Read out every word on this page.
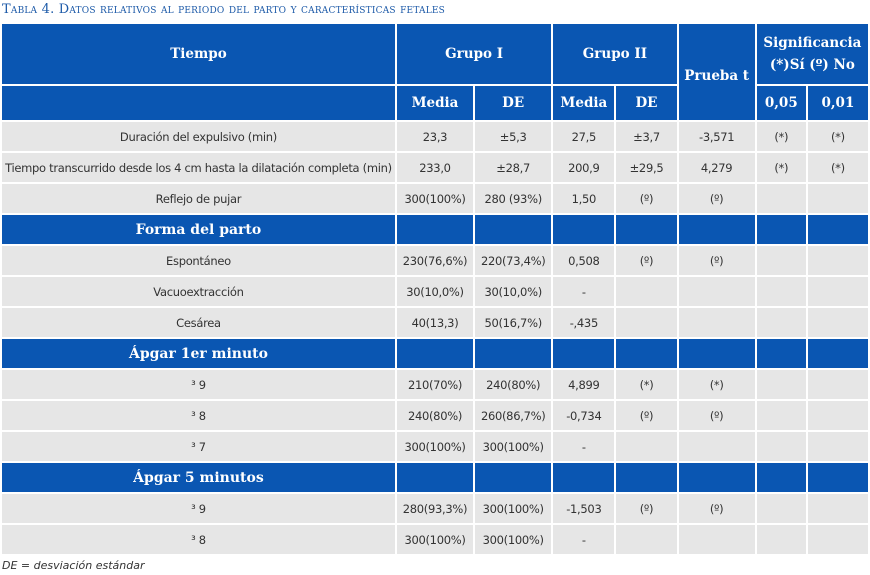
Tabla 4. Datos relativos al periodo del parto y características fetales
Tiempo	Grupo I		Grupo II		Prueba t	Significancia
(*)Sí (º) No	

	Media	DE	Media	DE		0,05	0,01
Duración del expulsivo (min)	23,3	±5,3	27,5	±3,7	-3,571	(*)	(*)
Tiempo transcurrido desde los 4 cm hasta la dilatación completa (min)	233,0	±28,7	200,9	±29,5	4,279	(*)	(*)
Reflejo de pujar	300(100%)	280 (93%)	1,50	(º)	(º)		
Forma del parto							
Espontáneo	230(76,6%)	220(73,4%)	0,508	(º)	(º)		
Vacuoextracción	30(10,0%)	30(10,0%)	-				
Cesárea	40(13,3)	50(16,7%)	-,435				
Ápgar 1er minuto							
³ 9	210(70%)	240(80%)	4,899	(*)	(*)		
³ 8	240(80%)	260(86,7%)	-0,734	(º)	(º)		
³ 7	300(100%)	300(100%)	-				
Ápgar 5 minutos							
³ 9	280(93,3%)	300(100%)	-1,503	(º)	(º)		
³ 8	300(100%)	300(100%)	-				
DE = desviación estándar
